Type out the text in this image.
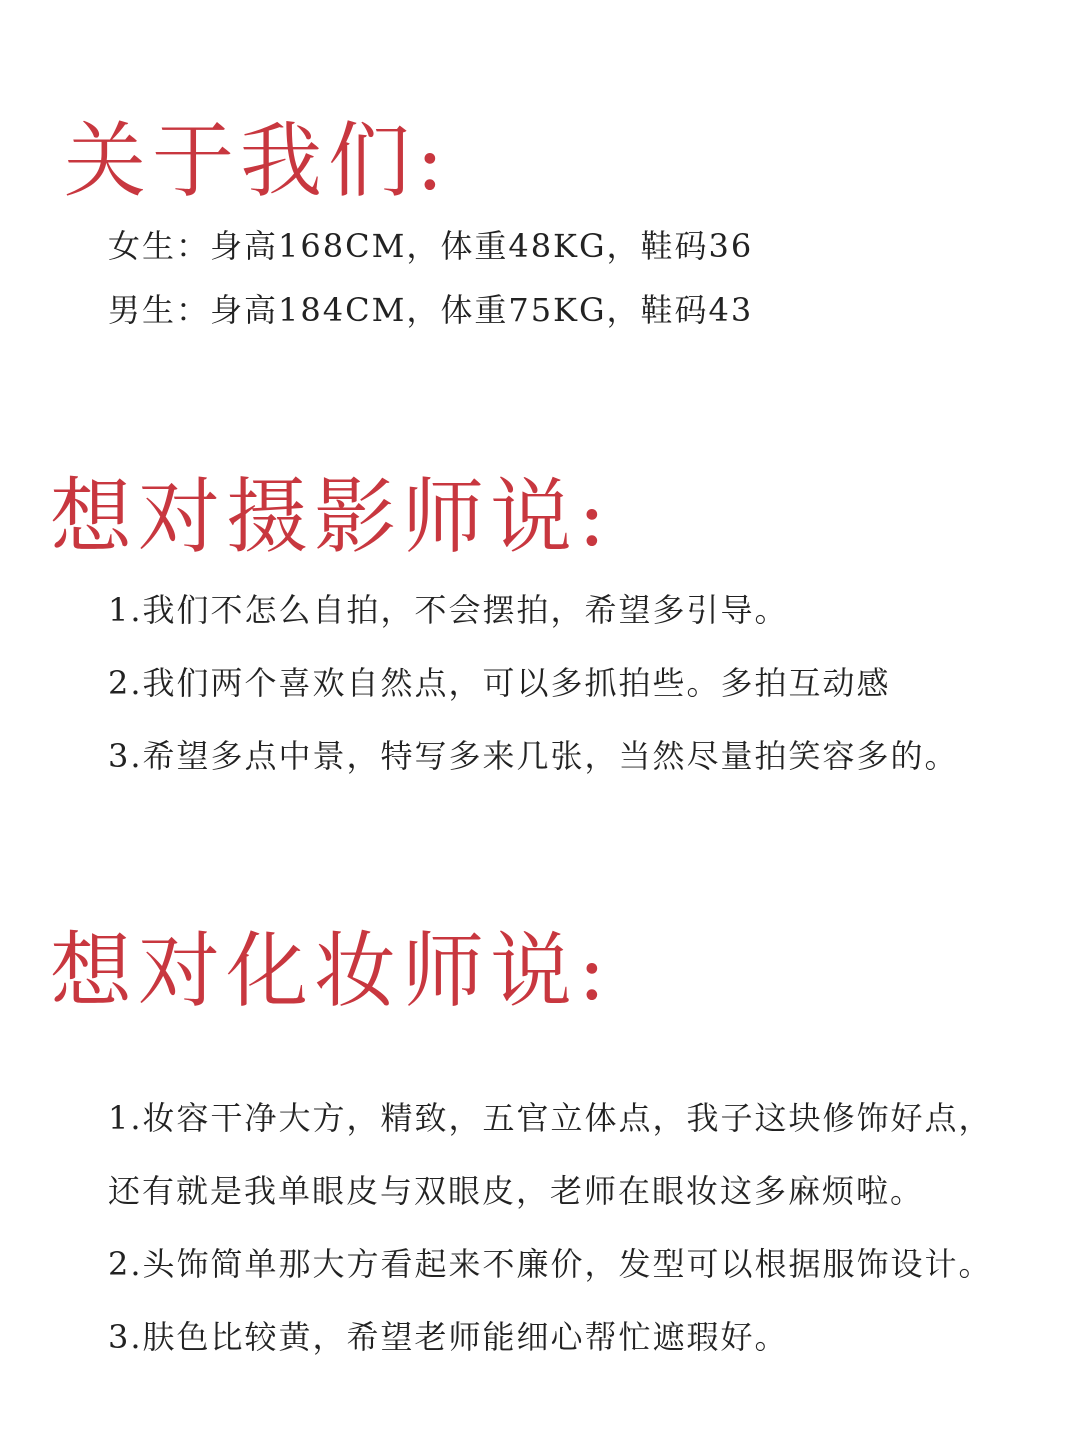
关于我们:

女生：身高168CM，体重48KG，鞋码36

男生：身高184CM，体重75KG，鞋码43

想对摄影师说:

1.我们不怎么自拍，不会摆拍，希望多引导。

2.我们两个喜欢自然点，可以多抓拍些。多拍互动感

3.希望多点中景，特写多来几张，当然尽量拍笑容多的。

想对化妆师说:

1.妆容干净大方，精致，五官立体点，我子这块修饰好点，

还有就是我单眼皮与双眼皮，老师在眼妆这多麻烦啦。

2.头饰简单那大方看起来不廉价，发型可以根据服饰设计。

3.肤色比较黄，希望老师能细心帮忙遮瑕好。
